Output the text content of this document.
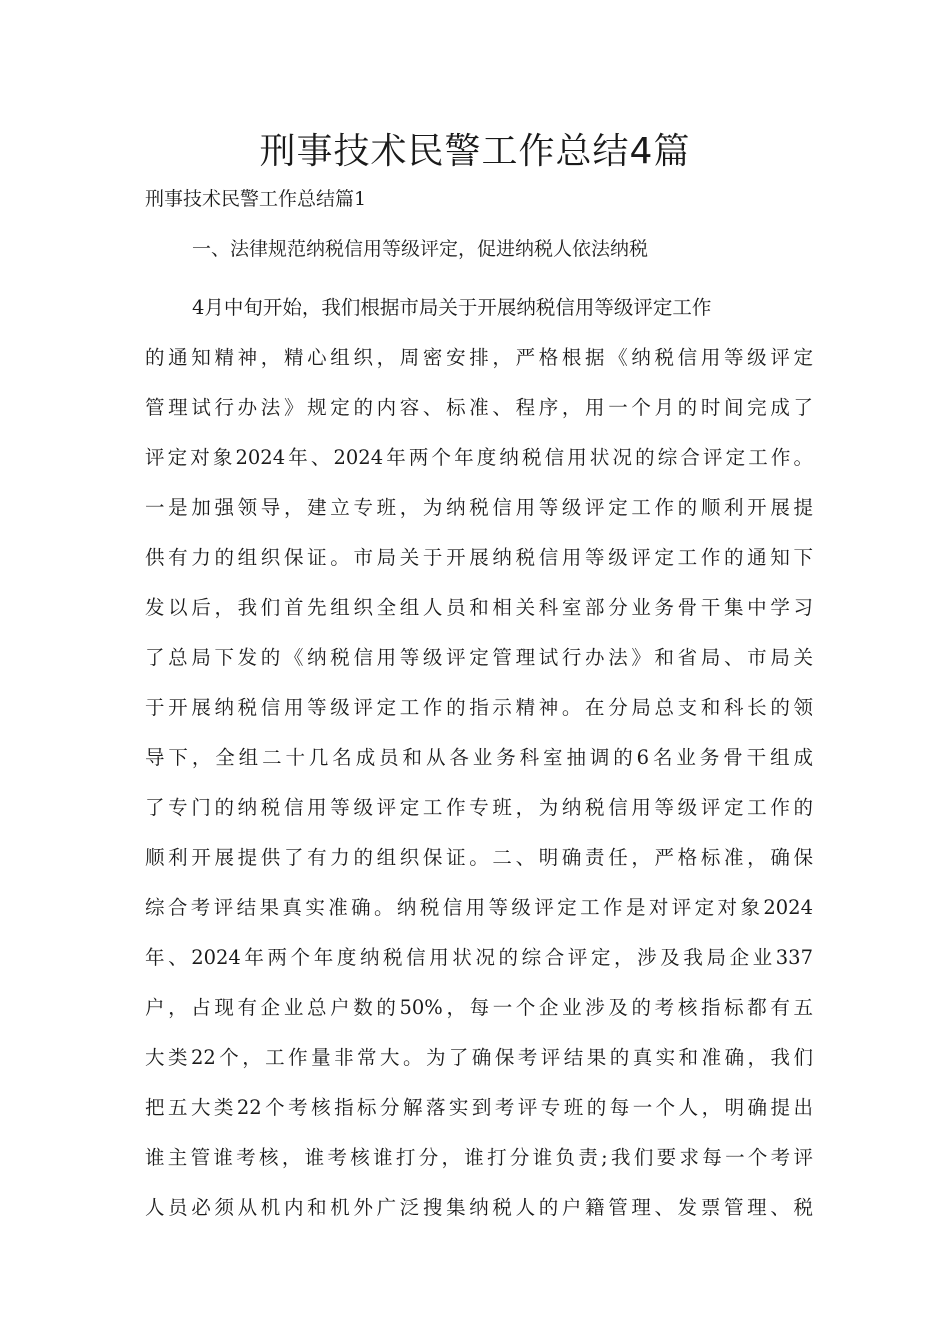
刑事技术民警工作总结4篇

刑事技术民警工作总结篇1

一、法律规范纳税信用等级评定，促进纳税人依法纳税

4月中旬开始，我们根据市局关于开展纳税信用等级评定工作
的通知精神，精心组织，周密安排，严格根据《纳税信用等级评定
管理试行办法》规定的内容、标准、程序，用一个月的时间完成了
评定对象2024年、2024年两个年度纳税信用状况的综合评定工作。
一是加强领导，建立专班，为纳税信用等级评定工作的顺利开展提
供有力的组织保证。市局关于开展纳税信用等级评定工作的通知下
发以后，我们首先组织全组人员和相关科室部分业务骨干集中学习
了总局下发的《纳税信用等级评定管理试行办法》和省局、市局关
于开展纳税信用等级评定工作的指示精神。在分局总支和科长的领
导下，全组二十几名成员和从各业务科室抽调的6名业务骨干组成
了专门的纳税信用等级评定工作专班，为纳税信用等级评定工作的
顺利开展提供了有力的组织保证。二、明确责任，严格标准，确保
综合考评结果真实准确。纳税信用等级评定工作是对评定对象2024
年、2024年两个年度纳税信用状况的综合评定，涉及我局企业337
户，占现有企业总户数的50%，每一个企业涉及的考核指标都有五
大类22个，工作量非常大。为了确保考评结果的真实和准确，我们
把五大类22个考核指标分解落实到考评专班的每一个人，明确提出
谁主管谁考核，谁考核谁打分，谁打分谁负责;我们要求每一个考评
人员必须从机内和机外广泛搜集纳税人的户籍管理、发票管理、税
